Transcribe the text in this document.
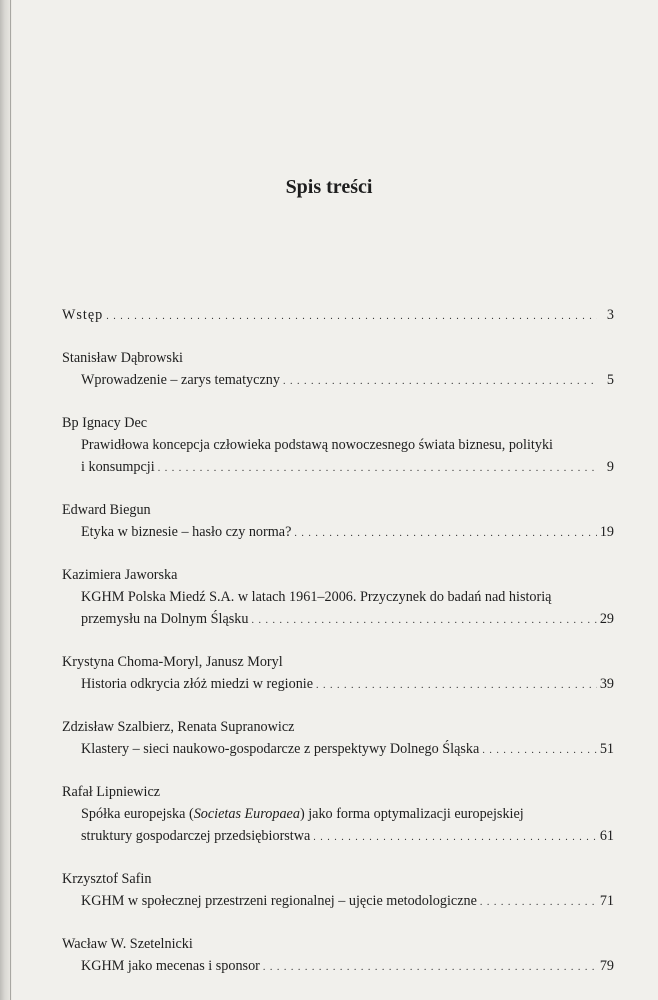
Spis treści
Wstęp . . .	3
Stanisław Dąbrowski
Wprowadzenie – zarys tematyczny . . .	5
Bp Ignacy Dec
Prawidłowa koncepcja człowieka podstawą nowoczesnego świata biznesu, polityki
i konsumpcji . . .	9
Edward Biegun
Etyka w biznesie – hasło czy norma? . . .	19
Kazimiera Jaworska
KGHM Polska Miedź S.A. w latach 1961–2006. Przyczynek do badań nad historią
przemysłu na Dolnym Śląsku . . .	29
Krystyna Choma-Moryl, Janusz Moryl
Historia odkrycia złóż miedzi w regionie . . .	39
Zdzisław Szalbierz, Renata Supranowicz
Klastery – sieci naukowo-gospodarcze z perspektywy Dolnego Śląska . . .	51
Rafał Lipniewicz
Spółka europejska (Societas Europaea) jako forma optymalizacji europejskiej
struktury gospodarczej przedsiębiorstwa . . .	61
Krzysztof Safin
KGHM w społecznej przestrzeni regionalnej – ujęcie metodologiczne . . .	71
Wacław W. Szetelnicki
KGHM jako mecenas i sponsor . . .	79
